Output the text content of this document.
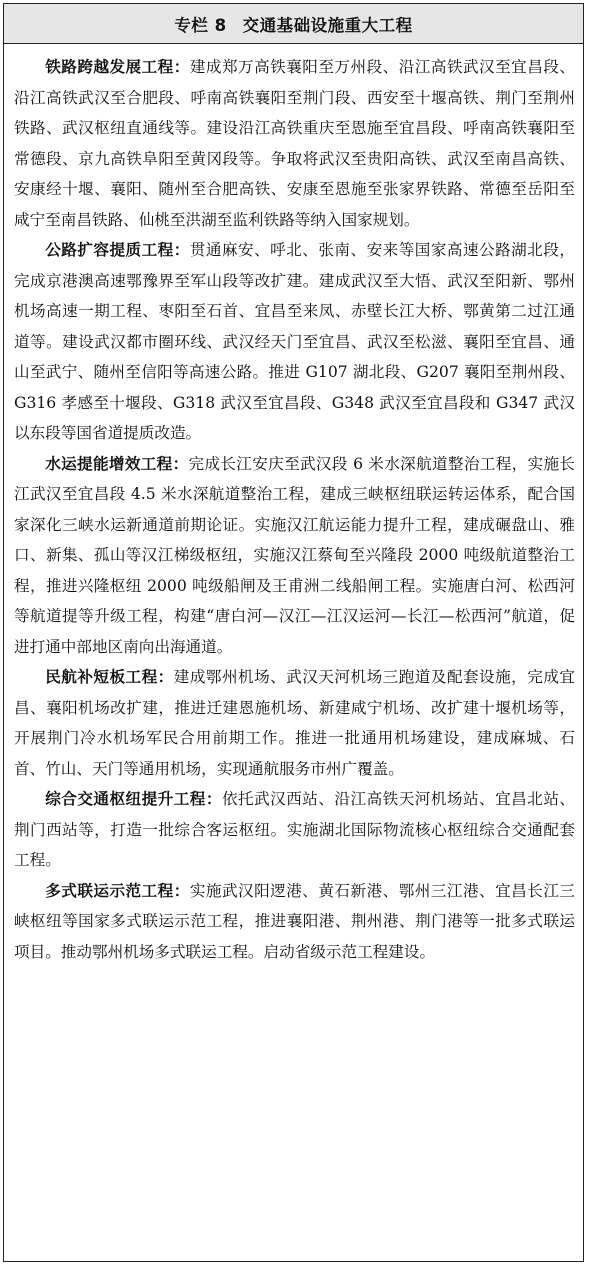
专栏 8 交通基础设施重大工程

铁路跨越发展工程：建成郑万高铁襄阳至万州段、沿江高铁武汉至宜昌段、沿江高铁武汉至合肥段、呼南高铁襄阳至荆门段、西安至十堰高铁、荆门至荆州铁路、武汉枢纽直通线等。建设沿江高铁重庆至恩施至宜昌段、呼南高铁襄阳至常德段、京九高铁阜阳至黄冈段等。争取将武汉至贵阳高铁、武汉至南昌高铁、安康经十堰、襄阳、随州至合肥高铁、安康至恩施至张家界铁路、常德至岳阳至咸宁至南昌铁路、仙桃至洪湖至监利铁路等纳入国家规划。

公路扩容提质工程：贯通麻安、呼北、张南、安来等国家高速公路湖北段，完成京港澳高速鄂豫界至军山段等改扩建。建成武汉至大悟、武汉至阳新、鄂州机场高速一期工程、枣阳至石首、宜昌至来凤、赤壁长江大桥、鄂黄第二过江通道等。建设武汉都市圈环线、武汉经天门至宜昌、武汉至松滋、襄阳至宜昌、通山至武宁、随州至信阳等高速公路。推进 G107 湖北段、G207 襄阳至荆州段、G316 孝感至十堰段、G318 武汉至宜昌段、G348 武汉至宜昌段和 G347 武汉以东段等国省道提质改造。

水运提能增效工程：完成长江安庆至武汉段 6 米水深航道整治工程，实施长江武汉至宜昌段 4.5 米水深航道整治工程，建成三峡枢纽联运转运体系，配合国家深化三峡水运新通道前期论证。实施汉江航运能力提升工程，建成碾盘山、雅口、新集、孤山等汉江梯级枢纽，实施汉江蔡甸至兴隆段 2000 吨级航道整治工程，推进兴隆枢纽 2000 吨级船闸及王甫洲二线船闸工程。实施唐白河、松西河等航道提等升级工程，构建“唐白河—汉江—江汉运河—长江—松西河”航道，促进打通中部地区南向出海通道。

民航补短板工程：建成鄂州机场、武汉天河机场三跑道及配套设施，完成宜昌、襄阳机场改扩建，推进迁建恩施机场、新建咸宁机场、改扩建十堰机场等，开展荆门冷水机场军民合用前期工作。推进一批通用机场建设，建成麻城、石首、竹山、天门等通用机场，实现通航服务市州广覆盖。

综合交通枢纽提升工程：依托武汉西站、沿江高铁天河机场站、宜昌北站、荆门西站等，打造一批综合客运枢纽。实施湖北国际物流核心枢纽综合交通配套工程。

多式联运示范工程：实施武汉阳逻港、黄石新港、鄂州三江港、宜昌长江三峡枢纽等国家多式联运示范工程，推进襄阳港、荆州港、荆门港等一批多式联运项目。推动鄂州机场多式联运工程。启动省级示范工程建设。
